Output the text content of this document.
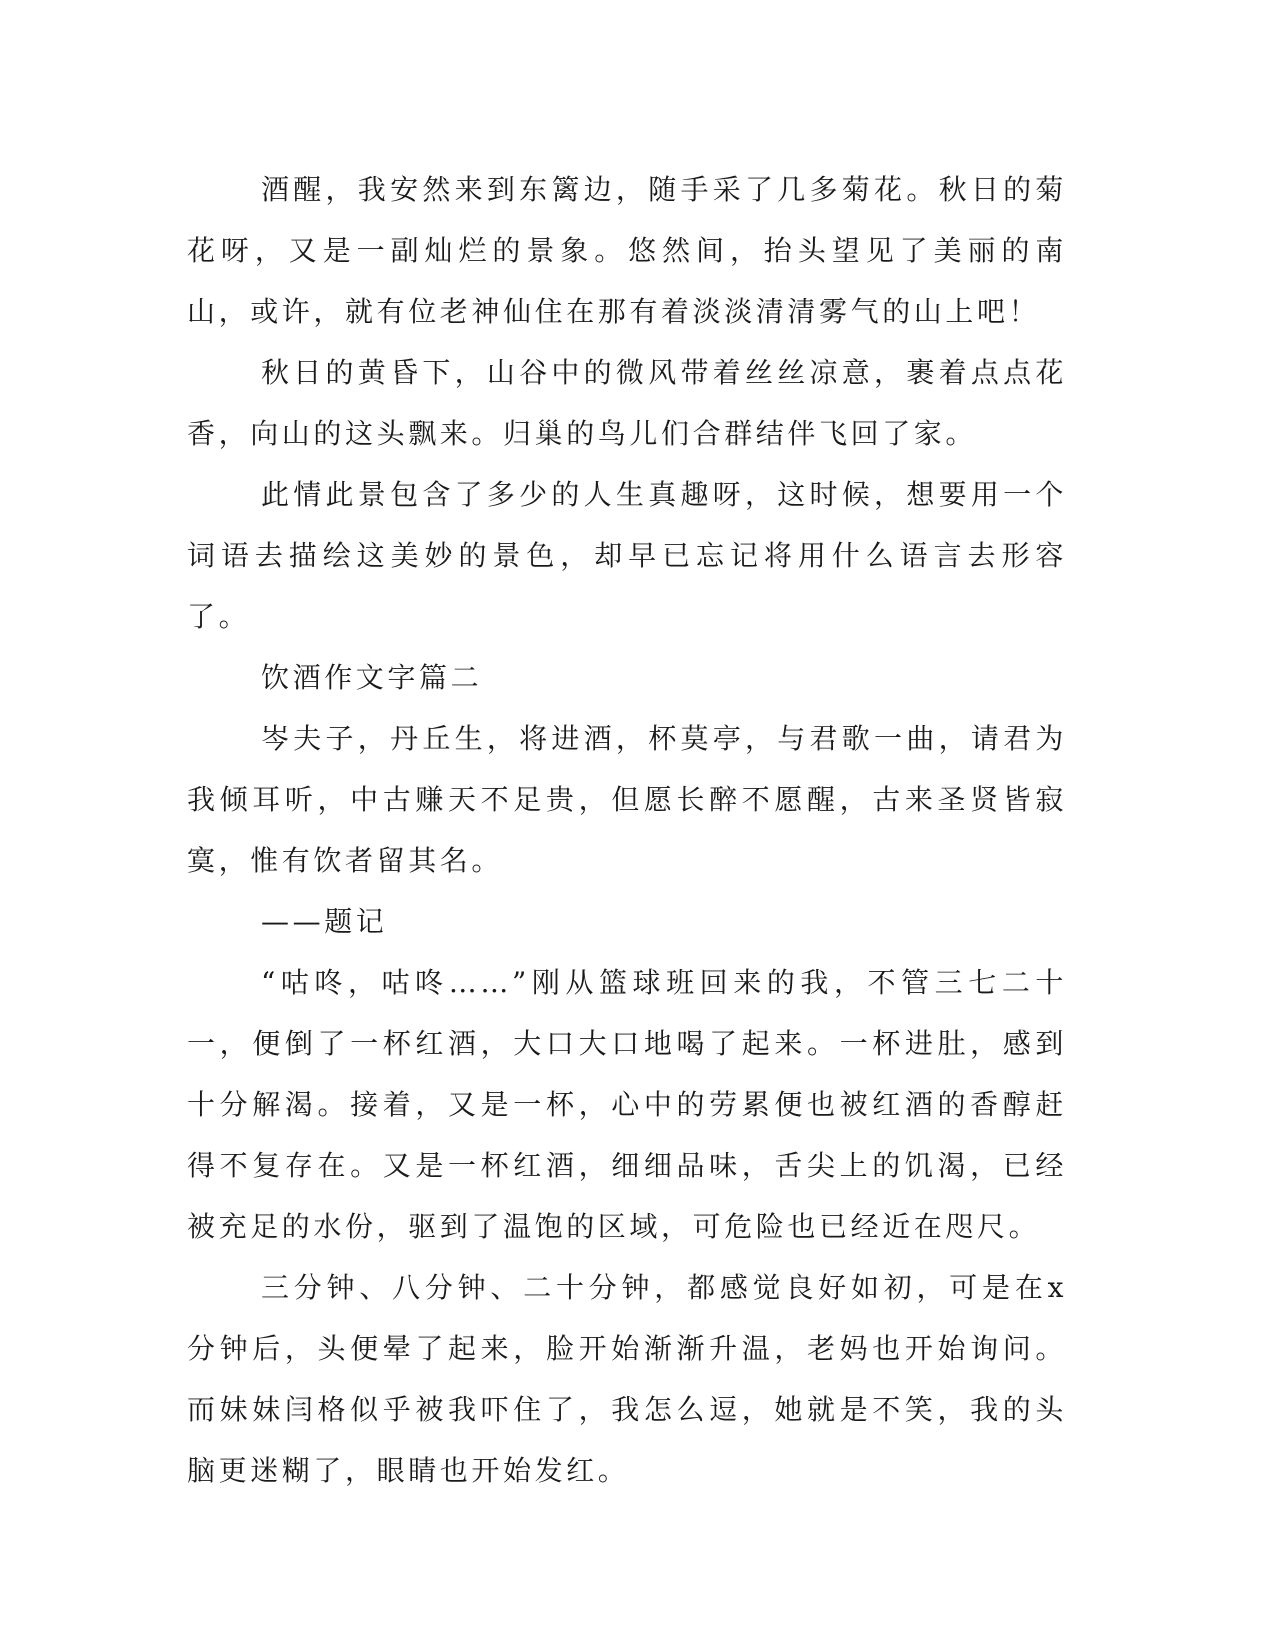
酒醒，我安然来到东篱边，随手采了几多菊花。秋日的菊花呀，又是一副灿烂的景象。悠然间，抬头望见了美丽的南山，或许，就有位老神仙住在那有着淡淡清清雾气的山上吧！

秋日的黄昏下，山谷中的微风带着丝丝凉意，裹着点点花香，向山的这头飘来。归巢的鸟儿们合群结伴飞回了家。

此情此景包含了多少的人生真趣呀，这时候，想要用一个词语去描绘这美妙的景色，却早已忘记将用什么语言去形容了。

饮酒作文字篇二

岑夫子，丹丘生，将进酒，杯莫亭，与君歌一曲，请君为我倾耳听，中古赚天不足贵，但愿长醉不愿醒，古来圣贤皆寂寞，惟有饮者留其名。

——题记

“咕咚，咕咚……”刚从篮球班回来的我，不管三七二十一，便倒了一杯红酒，大口大口地喝了起来。一杯进肚，感到十分解渴。接着，又是一杯，心中的劳累便也被红酒的香醇赶得不复存在。又是一杯红酒，细细品味，舌尖上的饥渴，已经被充足的水份，驱到了温饱的区域，可危险也已经近在咫尺。

三分钟、八分钟、二十分钟，都感觉良好如初，可是在x分钟后，头便晕了起来，脸开始渐渐升温，老妈也开始询问。而妹妹闫格似乎被我吓住了，我怎么逗，她就是不笑，我的头脑更迷糊了，眼睛也开始发红。
